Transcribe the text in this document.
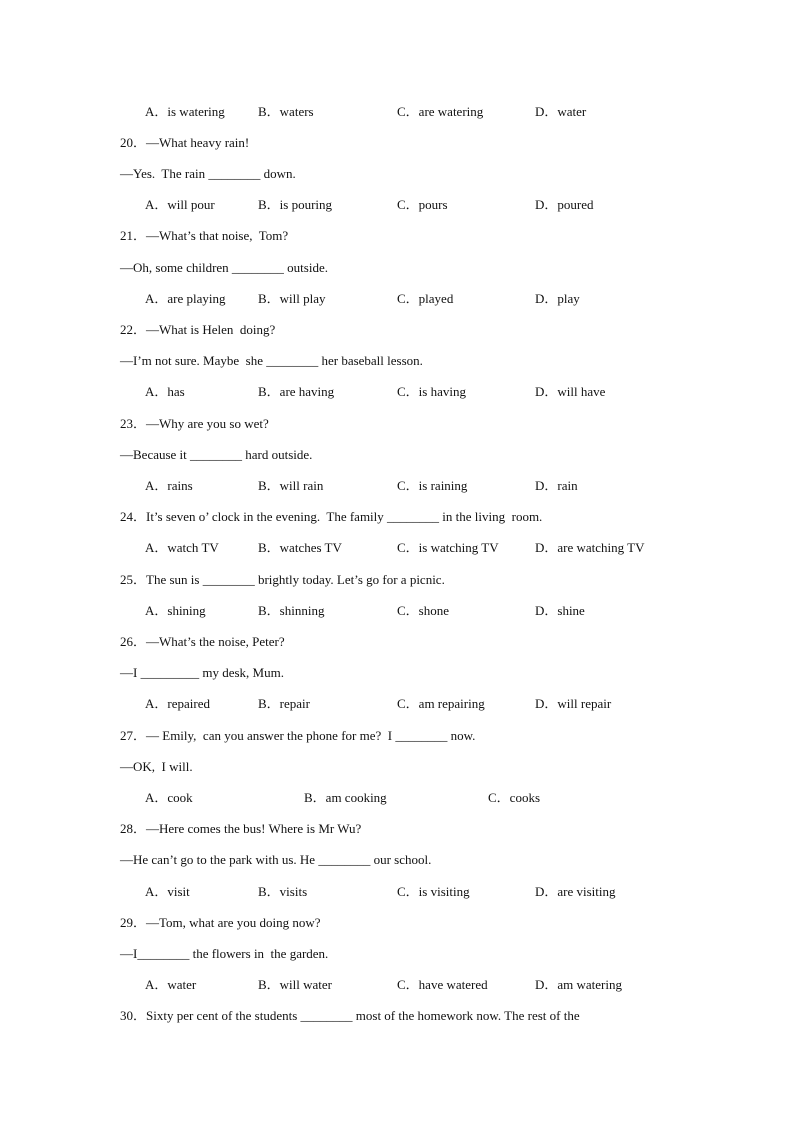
A．is watering	B．waters	C．are watering	D．water
20．—What heavy rain!
—Yes.  The rain ________ down.
A．will pour	B．is pouring	C．pours	D．poured
21．—What’s that noise,  Tom?
—Oh, some children ________ outside.
A．are playing B．will play	C．played	D．play
22．—What is Helen  doing?
—I’m not sure. Maybe  she ________ her baseball lesson.
A．has	B．are having	C．is having	D．will have
23．—Why are you so wet?
—Because it ________ hard outside.
A．rains	B．will rain	C．is raining	D．rain
24．It’s seven o’ clock in the evening.  The family ________ in the living  room.
A．watch TV	B．watches TV	C．is watching TV	D．are watching TV
25．The sun is ________ brightly today. Let’s go for a picnic.
A．shining	B．shinning	C．shone	D．shine
26．—What’s the noise, Peter?
—I _________ my desk, Mum.
A．repaired	B．repair	C．am repairing	D．will repair
27．— Emily,  can you answer the phone for me?  I ________ now.
—OK,  I will.
A．cook	B．am cooking	C．cooks
28．—Here comes the bus! Where is Mr Wu?
—He can’t go to the park with us. He ________ our school.
A．visit	B．visits	C．is visiting	D．are visiting
29．—Tom, what are you doing now?
—I________ the flowers in  the garden.
A．water	B．will water	C．have watered	D．am watering
30．Sixty per cent of the students ________ most of the homework now. The rest of the
